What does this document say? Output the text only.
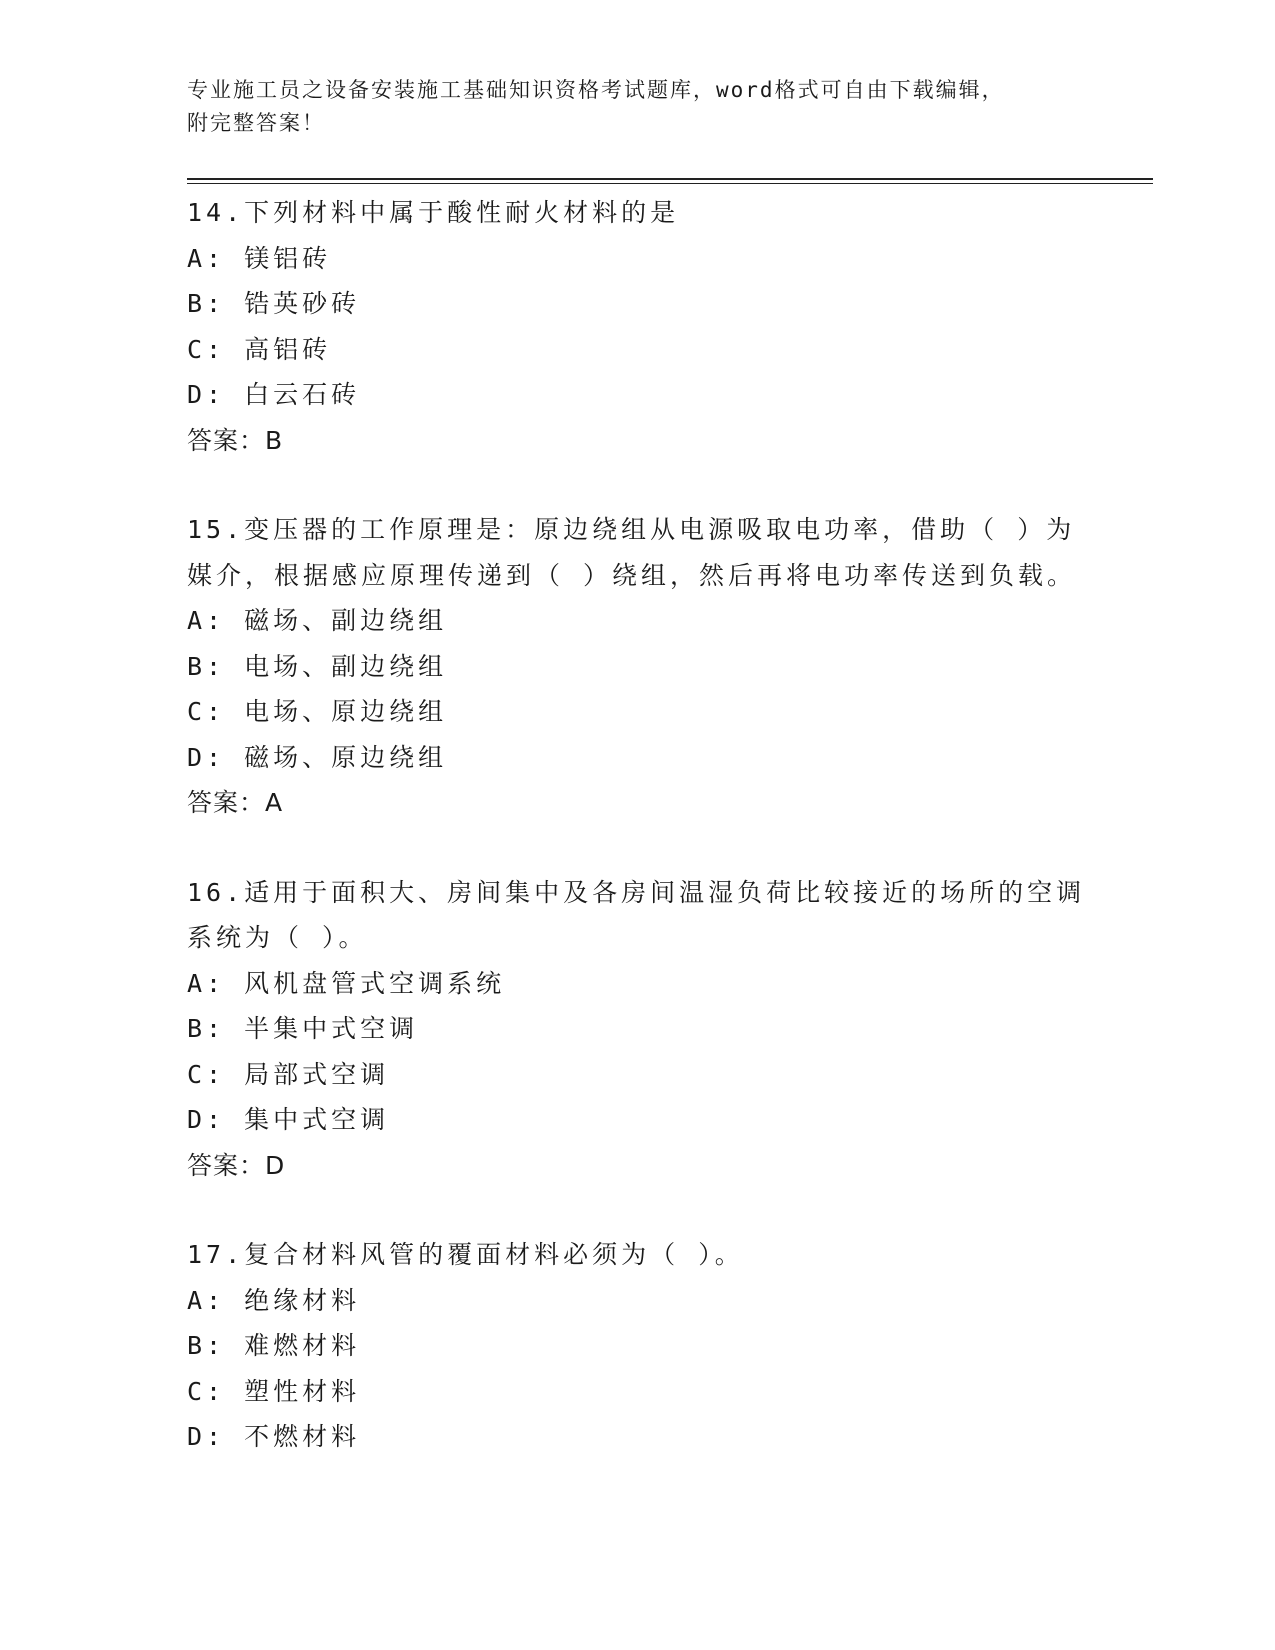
专业施工员之设备安装施工基础知识资格考试题库，word格式可自由下载编辑，
附完整答案！
14.下列材料中属于酸性耐火材料的是
A: 镁铝砖
B: 锆英砂砖
C: 高铝砖
D: 白云石砖
答案：B
15.变压器的工作原理是：原边绕组从电源吸取电功率，借助（ ）为
媒介，根据感应原理传递到（ ）绕组，然后再将电功率传送到负载。
A: 磁场、副边绕组
B: 电场、副边绕组
C: 电场、原边绕组
D: 磁场、原边绕组
答案：A
16.适用于面积大、房间集中及各房间温湿负荷比较接近的场所的空调
系统为（ ）。
A: 风机盘管式空调系统
B: 半集中式空调
C: 局部式空调
D: 集中式空调
答案：D
17.复合材料风管的覆面材料必须为（ ）。
A: 绝缘材料
B: 难燃材料
C: 塑性材料
D: 不燃材料
